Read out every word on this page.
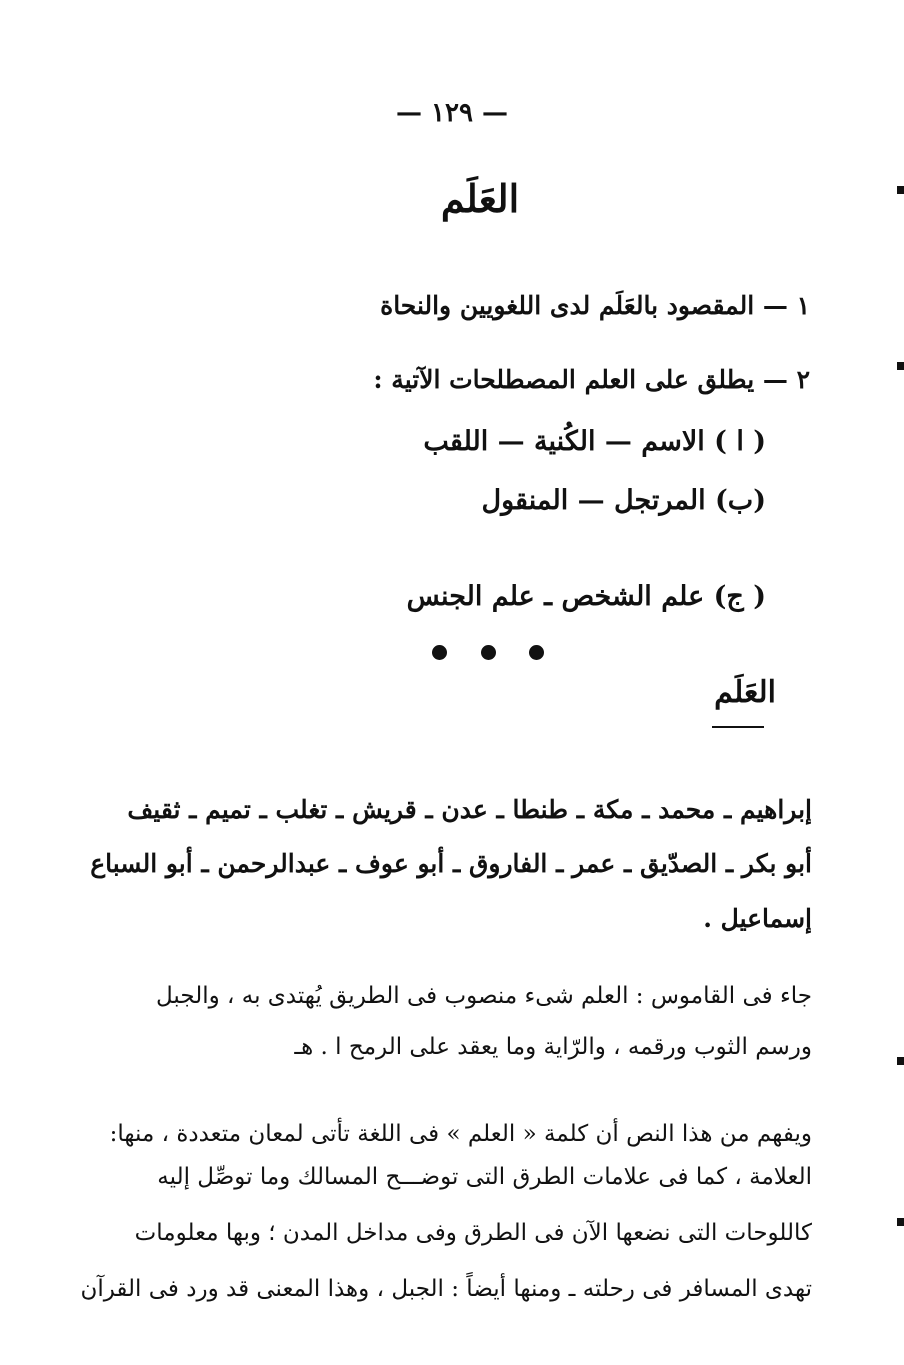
— ١٢٩ —
العَلَم
١ — المقصود بالعَلَم لدى اللغويين والنحاة
٢ — يطلق على العلم المصطلحات الآتية :
( ا ) الاسم — الكُنية — اللقب
(ب) المرتجل — المنقول
( ج) علم الشخص ـ علم الجنس
العَلَم
إبراهيم ـ محمد ـ مكة ـ طنطا ـ عدن ـ قريش ـ تغلب ـ تميم ـ ثقيف
أبو بكر ـ الصدّيق ـ عمر ـ الفاروق ـ أبو عوف ـ عبدالرحمن ـ أبو السباع
إسماعيل .
جاء فى القاموس : العلم شىء منصوب فى الطريق يُهتدى به ، والجبل
ورسم الثوب ورقمه ، والرّاية وما يعقد على الرمح ا . هـ
ويفهم من هذا النص أن كلمة « العلم » فى اللغة تأتى لمعان متعددة ، منها:
العلامة ، كما فى علامات الطرق التى توضـــح المسالك وما توصِّل إليه
كاللوحات التى نضعها الآن فى الطرق وفى مداخل المدن ؛ وبها معلومات
تهدى المسافر فى رحلته ـ ومنها أيضاً : الجبل ، وهذا المعنى قد ورد فى القرآن
